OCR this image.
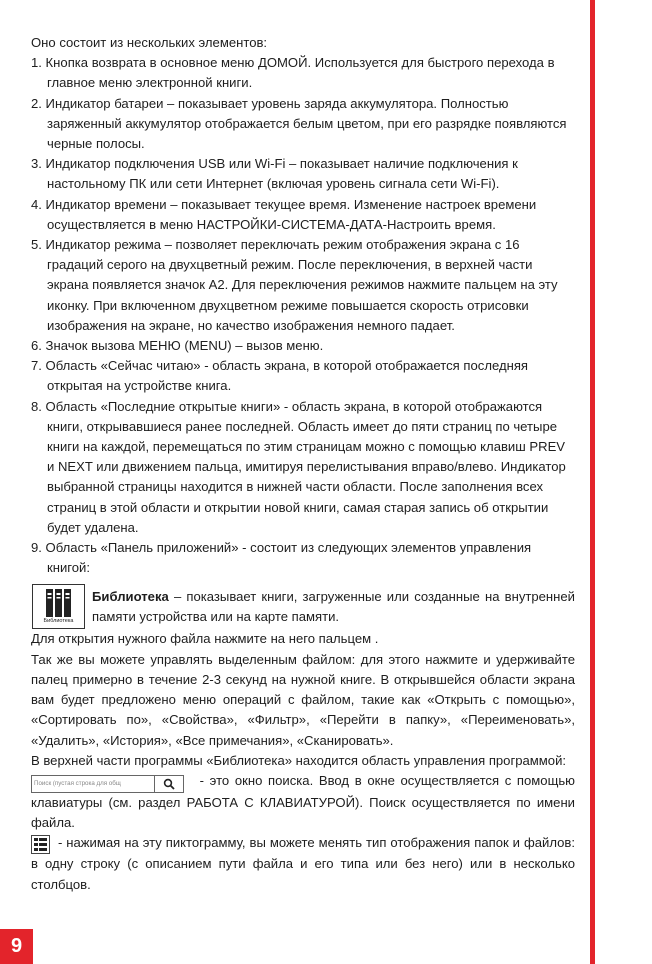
Оно состоит из нескольких элементов:

1. Кнопка возврата в основное меню ДОМОЙ. Используется для быстрого перехода в главное меню электронной книги.
2. Индикатор батареи – показывает уровень заряда аккумулятора. Полностью заряженный аккумулятор отображается белым цветом, при его разрядке появляются черные полосы.
3. Индикатор подключения USB или Wi-Fi – показывает наличие подключения к настольному ПК или сети Интернет (включая уровень сигнала сети Wi-Fi).
4. Индикатор времени – показывает текущее время. Изменение настроек времени осуществляется в меню НАСТРОЙКИ-СИСТЕМА-ДАТА-Настроить время.
5. Индикатор режима – позволяет переключать режим отображения экрана с 16 градаций серого на двухцветный режим. После переключения, в верхней части экрана появляется значок А2. Для переключения режимов нажмите пальцем на эту иконку. При включенном двухцветном режиме повышается скорость отрисовки изображения на экране, но качество изображения немного падает.
6. Значок вызова МЕНЮ (MENU) – вызов меню.
7. Область «Сейчас читаю» - область экрана, в которой отображается последняя открытая на устройстве книга.
8. Область «Последние открытые книги» - область экрана, в которой отображаются книги, открывавшиеся ранее последней. Область имеет до пяти страниц по четыре книги на каждой, перемещаться по этим страницам можно с помощью клавиш PREV и NEXT или движением пальца, имитируя перелистывания вправо/влево. Индикатор выбранной страницы находится в нижней части области. После заполнения всех страниц в этой области и открытии новой книги, самая старая запись об открытии будет удалена.
9. Область «Панель приложений» - состоит из следующих элементов управления книгой:
Библиотека
Библиотека – показывает книги, загруженные или созданные на внутренней памяти устройства или на карте памяти.

Для открытия нужного файла нажмите на него пальцем .

Так же вы можете управлять выделенным файлом: для этого нажмите и удерживайте палец примерно в течение 2-3 секунд на нужной книге. В открывшейся области экрана вам будет предложено меню операций с файлом, такие как «Открыть с помощью», «Сортировать по», «Свойства», «Фильтр», «Перейти в папку», «Переименовать», «Удалить», «История», «Все примечания», «Сканировать».

В верхней части программы «Библиотека» находится область управления программой:

Поиск (пустая строка для общ	- это окно поиска. Ввод в окне осуществляется с помощью клавиатуры (см. раздел РАБОТА С КЛАВИАТУРОЙ). Поиск осуществляется по имени файла.

- нажимая на эту пиктограмму, вы можете менять тип отображения папок и файлов: в одну строку (с описанием пути файла и его типа или без него) или в несколько столбцов.

9
